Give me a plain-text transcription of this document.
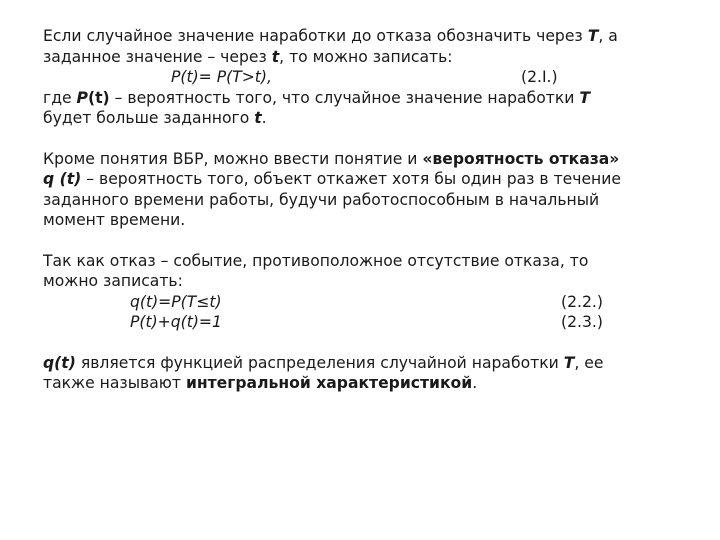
Если случайное значение наработки до отказа обозначить через Т, а
заданное значение – через t, то можно записать:
P(t)= P(T>t),	(2.I.)
где P(t) – вероятность того, что случайное значение наработки Т
будет больше заданного t.
Кроме понятия ВБР, можно ввести понятие и «вероятность отказа»
q (t) – вероятность того, объект откажет хотя бы один раз в течение
заданного времени работы, будучи работоспособным в начальный
момент времени.
Так как отказ – событие, противоположное отсутствие отказа, то
можно записать:
q(t)=P(T≤t)	(2.2.)
P(t)+q(t)=1	(2.3.)
q(t) является функцией распределения случайной наработки Т, ее
также называют интегральной характеристикой.
